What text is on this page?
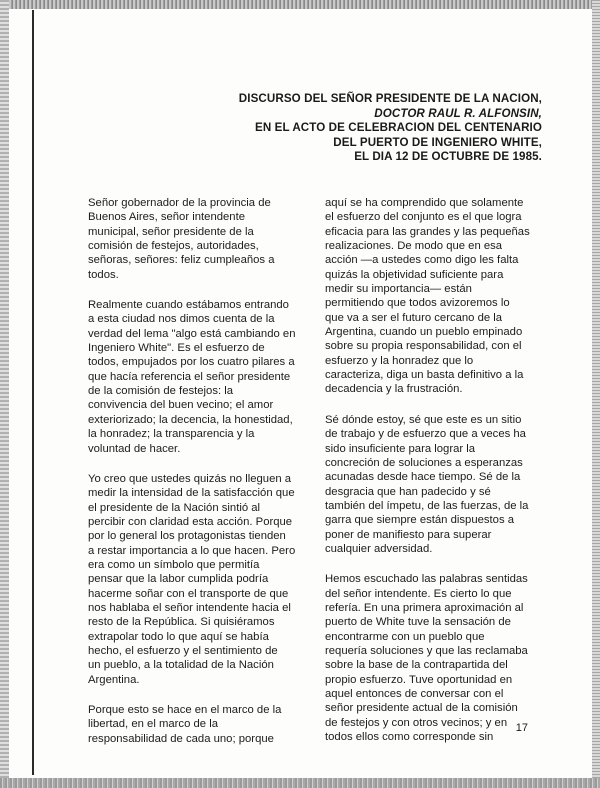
DISCURSO DEL SEÑOR PRESIDENTE DE LA NACION,
DOCTOR RAUL R. ALFONSIN,
EN EL ACTO DE CELEBRACION DEL CENTENARIO
DEL PUERTO DE INGENIERO WHITE,
EL DIA 12 DE OCTUBRE DE 1985.

Señor gobernador de la provincia de
Buenos Aires, señor intendente
municipal, señor presidente de la
comisión de festejos, autoridades,
señoras, señores: feliz cumpleaños a
todos.

Realmente cuando estábamos entrando
a esta ciudad nos dimos cuenta de la
verdad del lema "algo está cambiando en
Ingeniero White". Es el esfuerzo de
todos, empujados por los cuatro pilares a
que hacía referencia el señor presidente
de la comisión de festejos: la
convivencia del buen vecino; el amor
exteriorizado; la decencia, la honestidad,
la honradez; la transparencia y la
voluntad de hacer.

Yo creo que ustedes quizás no lleguen a
medir la intensidad de la satisfacción que
el presidente de la Nación sintió al
percibir con claridad esta acción. Porque
por lo general los protagonistas tienden
a restar importancia a lo que hacen. Pero
era como un símbolo que permitía
pensar que la labor cumplida podría
hacerme soñar con el transporte de que
nos hablaba el señor intendente hacia el
resto de la República. Si quisiéramos
extrapolar todo lo que aquí se había
hecho, el esfuerzo y el sentimiento de
un pueblo, a la totalidad de la Nación
Argentina.

Porque esto se hace en el marco de la
libertad, en el marco de la
responsabilidad de cada uno; porque

aquí se ha comprendido que solamente
el esfuerzo del conjunto es el que logra
eficacia para las grandes y las pequeñas
realizaciones. De modo que en esa
acción —a ustedes como digo les falta
quizás la objetividad suficiente para
medir su importancia— están
permitiendo que todos avizoremos lo
que va a ser el futuro cercano de la
Argentina, cuando un pueblo empinado
sobre su propia responsabilidad, con el
esfuerzo y la honradez que lo
caracteriza, diga un basta definitivo a la
decadencia y la frustración.

Sé dónde estoy, sé que este es un sitio
de trabajo y de esfuerzo que a veces ha
sido insuficiente para lograr la
concreción de soluciones a esperanzas
acunadas desde hace tiempo. Sé de la
desgracia que han padecido y sé
también del ímpetu, de las fuerzas, de la
garra que siempre están dispuestos a
poner de manifiesto para superar
cualquier adversidad.

Hemos escuchado las palabras sentidas
del señor intendente. Es cierto lo que
refería. En una primera aproximación al
puerto de White tuve la sensación de
encontrarme con un pueblo que
requería soluciones y que las reclamaba
sobre la base de la contrapartida del
propio esfuerzo. Tuve oportunidad en
aquel entonces de conversar con el
señor presidente actual de la comisión
de festejos y con otros vecinos; y en
todos ellos como corresponde sin

17
